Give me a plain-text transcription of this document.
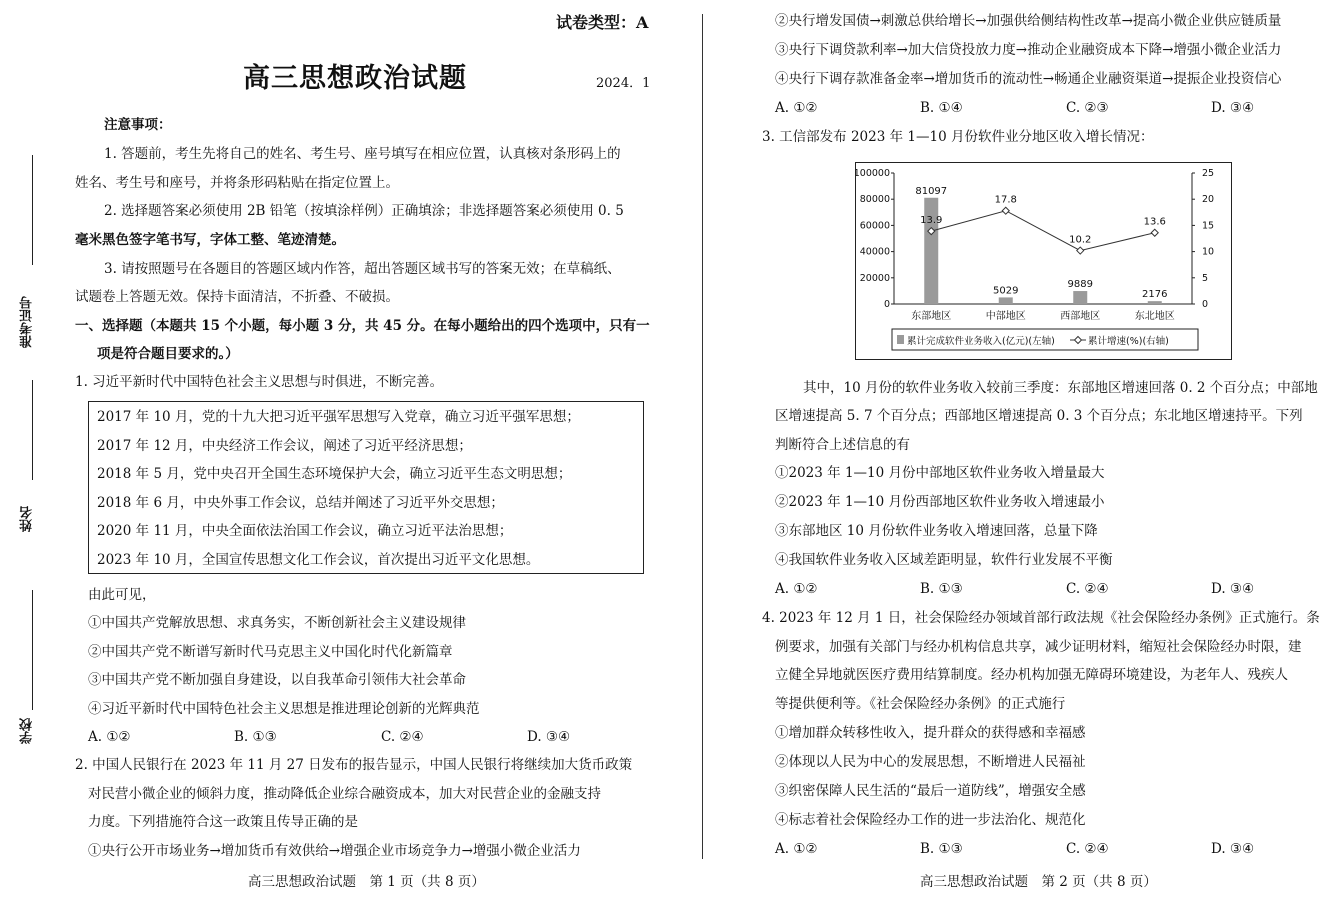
准考证号
姓名
学校
试卷类型：A
高三思想政治试题	2024．1
注意事项：
1. 答题前，考生先将自己的姓名、考生号、座号填写在相应位置，认真核对条形码上的
姓名、考生号和座号，并将条形码粘贴在指定位置上。
2. 选择题答案必须使用 2B 铅笔（按填涂样例）正确填涂；非选择题答案必须使用 0. 5
毫米黑色签字笔书写，字体工整、笔迹清楚。
3. 请按照题号在各题目的答题区域内作答，超出答题区域书写的答案无效；在草稿纸、
试题卷上答题无效。保持卡面清洁，不折叠、不破损。
一、选择题（本题共 15 个小题，每小题 3 分，共 45 分。在每小题给出的四个选项中，只有一
项是符合题目要求的。）
1. 习近平新时代中国特色社会主义思想与时俱进，不断完善。
2017 年 10 月，党的十九大把习近平强军思想写入党章，确立习近平强军思想；
2017 年 12 月，中央经济工作会议，阐述了习近平经济思想；
2018 年 5 月，党中央召开全国生态环境保护大会，确立习近平生态文明思想；
2018 年 6 月，中央外事工作会议，总结并阐述了习近平外交思想；
2020 年 11 月，中央全面依法治国工作会议，确立习近平法治思想；
2023 年 10 月，全国宣传思想文化工作会议，首次提出习近平文化思想。
由此可见，
①中国共产党解放思想、求真务实，不断创新社会主义建设规律
②中国共产党不断谱写新时代马克思主义中国化时代化新篇章
③中国共产党不断加强自身建设，以自我革命引领伟大社会革命
④习近平新时代中国特色社会主义思想是推进理论创新的光辉典范
A. ①②	B. ①③	C. ②④	D. ③④
2. 中国人民银行在 2023 年 11 月 27 日发布的报告显示，中国人民银行将继续加大货币政策
对民营小微企业的倾斜力度，推动降低企业综合融资成本，加大对民营企业的金融支持
力度。下列措施符合这一政策且传导正确的是
①央行公开市场业务→增加货币有效供给→增强企业市场竞争力→增强小微企业活力
高三思想政治试题　第 1 页（共 8 页）
②央行增发国债→刺激总供给增长→加强供给侧结构性改革→提高小微企业供应链质量
③央行下调贷款利率→加大信贷投放力度→推动企业融资成本下降→增强小微企业活力
④央行下调存款准备金率→增加货币的流动性→畅通企业融资渠道→提振企业投资信心
A. ①②	B. ①④	C. ②③	D. ③④
3. 工信部发布 2023 年 1—10 月份软件业分地区收入增长情况：
100000
80000
60000
40000
20000
0
25
20
15
10
5
0
81097
5029
9889
2176
13.9
17.8
10.2
13.6
东部地区	中部地区	西部地区	东北地区
累计完成软件业务收入(亿元)(左轴)	累计增速(%)(右轴)
其中，10 月份的软件业务收入较前三季度：东部地区增速回落 0. 2 个百分点；中部地
区增速提高 5. 7 个百分点；西部地区增速提高 0. 3 个百分点；东北地区增速持平。下列
判断符合上述信息的有
①2023 年 1—10 月份中部地区软件业务收入增量最大
②2023 年 1—10 月份西部地区软件业务收入增速最小
③东部地区 10 月份软件业务收入增速回落，总量下降
④我国软件业务收入区域差距明显，软件行业发展不平衡
A. ①②	B. ①③	C. ②④	D. ③④
4. 2023 年 12 月 1 日，社会保险经办领域首部行政法规《社会保险经办条例》正式施行。条
例要求，加强有关部门与经办机构信息共享，减少证明材料，缩短社会保险经办时限，建
立健全异地就医医疗费用结算制度。经办机构加强无障碍环境建设，为老年人、残疾人
等提供便利等。《社会保险经办条例》的正式施行
①增加群众转移性收入，提升群众的获得感和幸福感
②体现以人民为中心的发展思想，不断增进人民福祉
③织密保障人民生活的“最后一道防线”，增强安全感
④标志着社会保险经办工作的进一步法治化、规范化
A. ①②	B. ①③	C. ②④	D. ③④
高三思想政治试题　第 2 页（共 8 页）
